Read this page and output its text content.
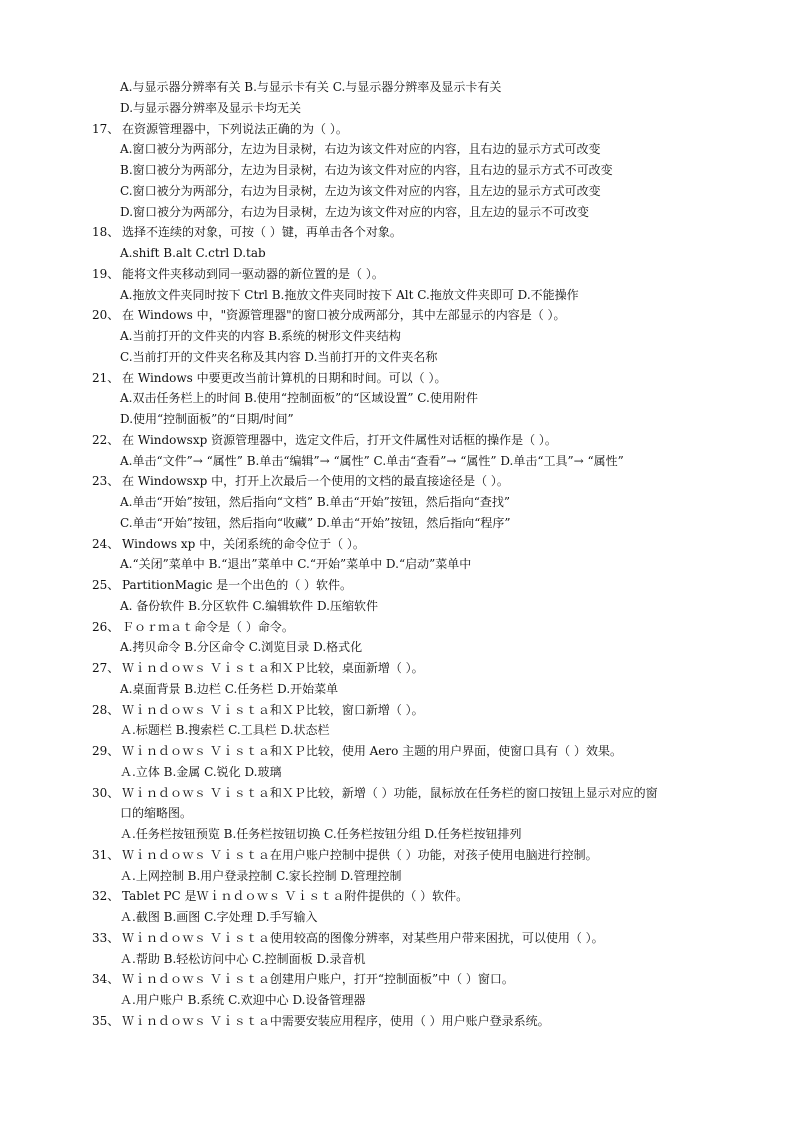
A.与显示器分辨率有关 B.与显示卡有关 C.与显示器分辨率及显示卡有关
D.与显示器分辨率及显示卡均无关
17、 在资源管理器中，下列说法正确的为（ ）。
A.窗口被分为两部分，左边为目录树，右边为该文件对应的内容，且右边的显示方式可改变
B.窗口被分为两部分，左边为目录树，右边为该文件对应的内容，且右边的显示方式不可改变
C.窗口被分为两部分，右边为目录树，左边为该文件对应的内容，且左边的显示方式可改变
D.窗口被分为两部分，右边为目录树，左边为该文件对应的内容，且左边的显示不可改变
18、 选择不连续的对象，可按（ ）键，再单击各个对象。
A.shift B.alt C.ctrl D.tab
19、 能将文件夹移动到同一驱动器的新位置的是（ ）。
A.拖放文件夹同时按下 Ctrl B.拖放文件夹同时按下 Alt C.拖放文件夹即可 D.不能操作
20、 在 Windows 中，"资源管理器"的窗口被分成两部分，其中左部显示的内容是（ ）。
A.当前打开的文件夹的内容 B.系统的树形文件夹结构
C.当前打开的文件夹名称及其内容 D.当前打开的文件夹名称
21、 在 Windows 中要更改当前计算机的日期和时间。可以（ ）。
A.双击任务栏上的时间 B.使用“控制面板”的“区域设置” C.使用附件
D.使用“控制面板”的“日期/时间”
22、 在 Windowsxp 资源管理器中，选定文件后，打开文件属性对话框的操作是（ ）。
A.单击“文件”→ “属性” B.单击“编辑”→ “属性” C.单击“查看”→ “属性” D.单击“工具”→ “属性”
23、 在 Windowsxp 中，打开上次最后一个使用的文档的最直接途径是（ ）。
A.单击“开始”按钮，然后指向“文档” B.单击“开始”按钮，然后指向“查找”
C.单击“开始”按钮，然后指向“收藏” D.单击“开始”按钮，然后指向“程序”
24、 Windows xp 中，关闭系统的命令位于（ ）。
A.“关闭”菜单中 B.“退出”菜单中 C.“开始”菜单中 D.“启动”菜单中
25、 PartitionMagic 是一个出色的（ ）软件。
A. 备份软件 B.分区软件 C.编辑软件 D.压缩软件
26、 Ｆｏｒｍａｔ命令是（ ）命令。
A.拷贝命令 B.分区命令 C.浏览目录 D.格式化
27、 Ｗｉｎｄｏｗｓ Ｖｉｓｔａ和ＸＰ比较，桌面新增（ ）。
A.桌面背景 B.边栏 C.任务栏 D.开始菜单
28、 Ｗｉｎｄｏｗｓ Ｖｉｓｔａ和ＸＰ比较，窗口新增（ ）。
Ａ.标题栏 B.搜索栏 C.工具栏 D.状态栏
29、 Ｗｉｎｄｏｗｓ Ｖｉｓｔａ和ＸＰ比较，使用 Aero 主题的用户界面，使窗口具有（ ）效果。
Ａ.立体 B.金属 C.锐化 D.玻璃
30、 Ｗｉｎｄｏｗｓ Ｖｉｓｔａ和ＸＰ比较，新增（ ）功能，鼠标放在任务栏的窗口按钮上显示对应的窗
口的缩略图。
Ａ.任务栏按钮预览 B.任务栏按钮切换 C.任务栏按钮分组 D.任务栏按钮排列
31、 Ｗｉｎｄｏｗｓ Ｖｉｓｔａ在用户账户控制中提供（ ）功能，对孩子使用电脑进行控制。
Ａ.上网控制 B.用户登录控制 C.家长控制 D.管理控制
32、 Tablet PC 是Ｗｉｎｄｏｗｓ Ｖｉｓｔａ附件提供的（ ）软件。
Ａ.截图 B.画图 C.字处理 D.手写输入
33、 Ｗｉｎｄｏｗｓ Ｖｉｓｔａ使用较高的图像分辨率，对某些用户带来困扰，可以使用（ ）。
Ａ.帮助 B.轻松访问中心 C.控制面板 D.录音机
34、 Ｗｉｎｄｏｗｓ Ｖｉｓｔａ创建用户账户，打开“控制面板”中（ ）窗口。
Ａ.用户账户 B.系统 C.欢迎中心 D.设备管理器
35、 Ｗｉｎｄｏｗｓ Ｖｉｓｔａ中需要安装应用程序，使用（ ）用户账户登录系统。
